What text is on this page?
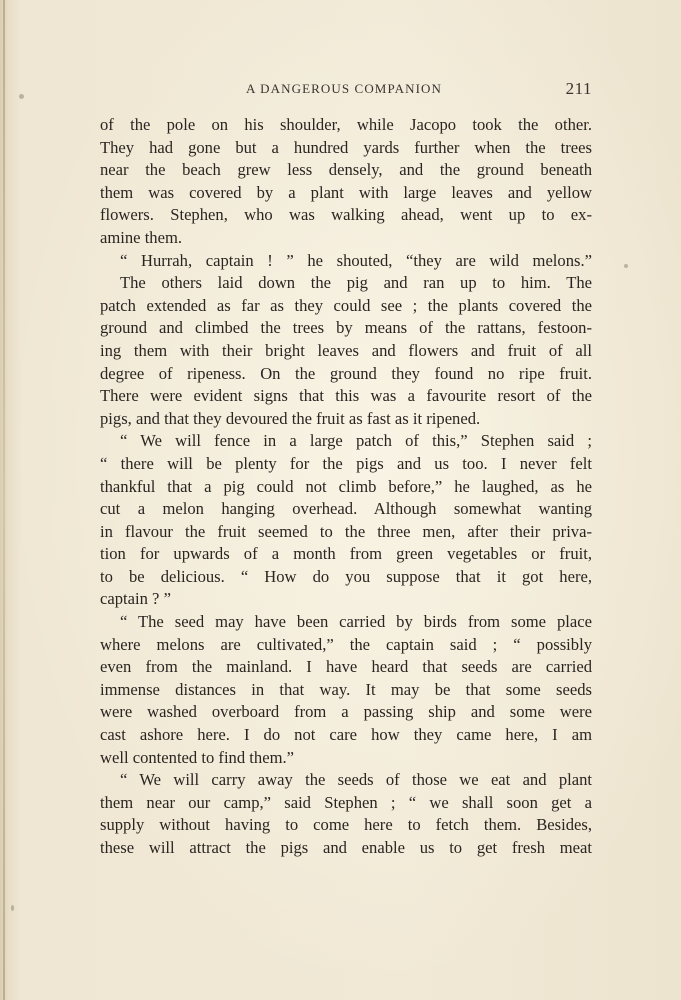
A DANGEROUS COMPANION	211
of the pole on his shoulder, while Jacopo took the other.
They had gone but a hundred yards further when the trees
near the beach grew less densely, and the ground beneath
them was covered by a plant with large leaves and yellow
flowers. Stephen, who was walking ahead, went up to ex-
amine them.
“ Hurrah, captain ! ” he shouted, “they are wild melons.”
The others laid down the pig and ran up to him. The
patch extended as far as they could see ; the plants covered the
ground and climbed the trees by means of the rattans, festoon-
ing them with their bright leaves and flowers and fruit of all
degree of ripeness. On the ground they found no ripe fruit.
There were evident signs that this was a favourite resort of the
pigs, and that they devoured the fruit as fast as it ripened.
“ We will fence in a large patch of this,” Stephen said ;
“ there will be plenty for the pigs and us too. I never felt
thankful that a pig could not climb before,” he laughed, as he
cut a melon hanging overhead. Although somewhat wanting
in flavour the fruit seemed to the three men, after their priva-
tion for upwards of a month from green vegetables or fruit,
to be delicious. “ How do you suppose that it got here,
captain ? ”
“ The seed may have been carried by birds from some place
where melons are cultivated,” the captain said ; “ possibly
even from the mainland. I have heard that seeds are carried
immense distances in that way. It may be that some seeds
were washed overboard from a passing ship and some were
cast ashore here. I do not care how they came here, I am
well contented to find them.”
“ We will carry away the seeds of those we eat and plant
them near our camp,” said Stephen ; “ we shall soon get a
supply without having to come here to fetch them. Besides,
these will attract the pigs and enable us to get fresh meat
